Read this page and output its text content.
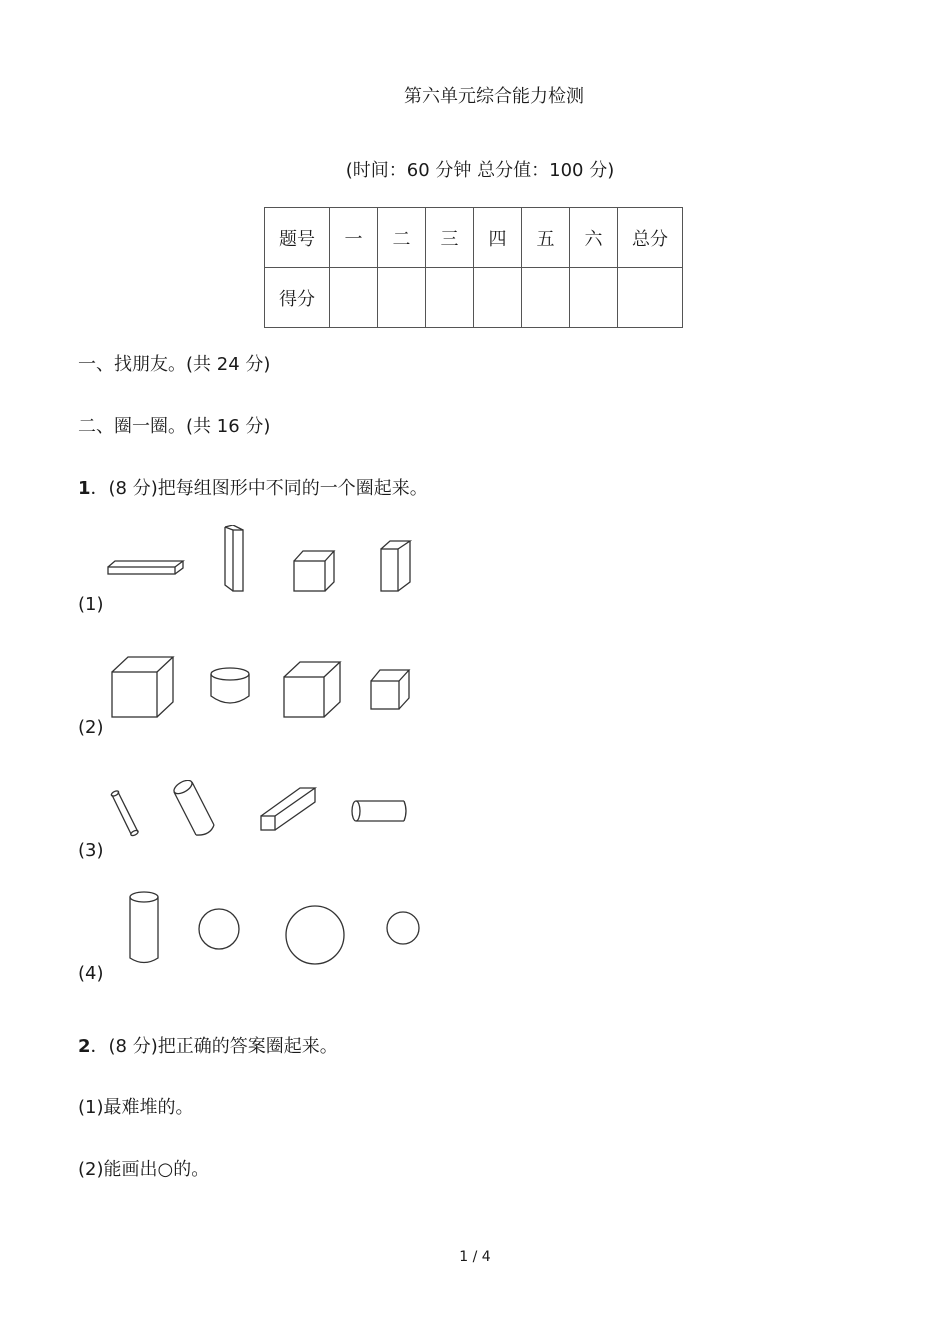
第六单元综合能力检测
(时间：60 分钟 总分值：100 分)
题号	一	二	三	四	五	六	总分
得分							
一、找朋友。(共 24 分)
二、圈一圈。(共 16 分)
1．(8 分)把每组图形中不同的一个圈起来。
(1)
(2)
(3)
(4)
2．(8 分)把正确的答案圈起来。
(1)最难堆的。
(2)能画出○的。
1 / 4
